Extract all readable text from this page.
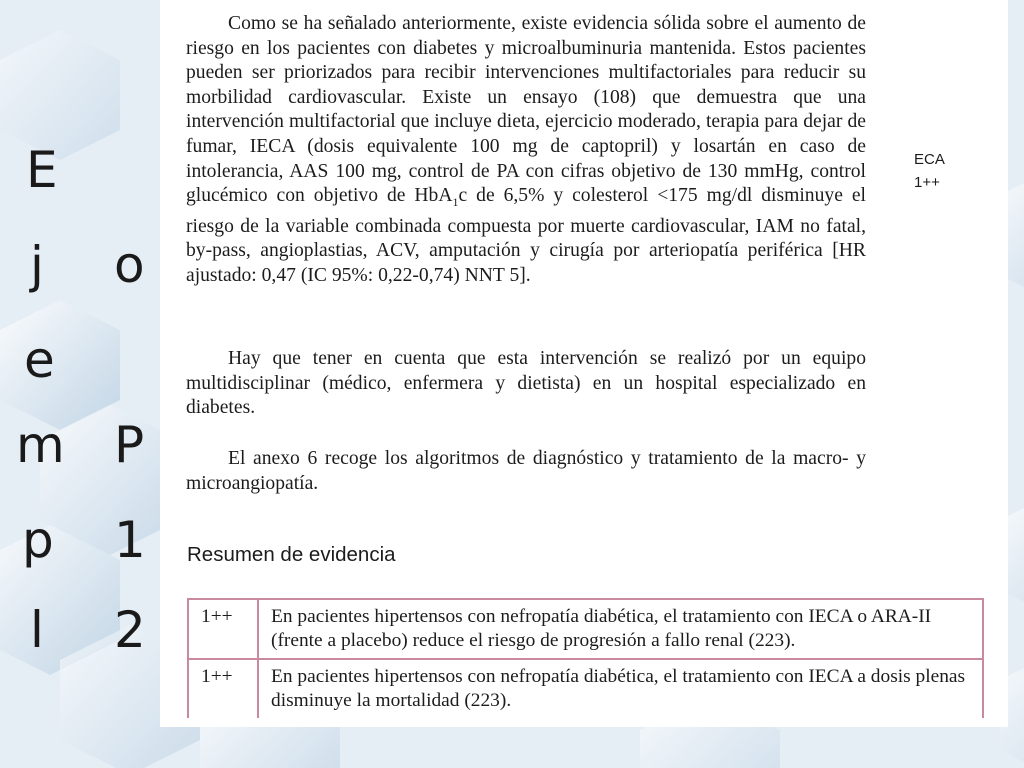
E
j
e
m
p
l
o
P
1
2

Como se ha señalado anteriormente, existe evidencia sólida sobre el aumento de riesgo en los pacientes con diabetes y microalbuminuria mantenida. Estos pacientes pueden ser priorizados para recibir intervenciones multifactoriales para reducir su morbilidad cardiovascular. Existe un ensayo (108) que demuestra que una intervención multifactorial que incluye dieta, ejercicio moderado, terapia para dejar de fumar, IECA (dosis equivalente 100 mg de captopril) y losartán en caso de intolerancia, AAS 100 mg, control de PA con cifras objetivo de 130 mmHg, control glucémico con objetivo de HbA$_1$c de 6,5% y colesterol <175 mg/dl disminuye el riesgo de la variable combinada compuesta por muerte cardiovascular, IAM no fatal, by-pass, angioplastias, ACV, amputación y cirugía por arteriopatía periférica [HR ajustado: 0,47 (IC 95%: 0,22-0,74) NNT 5].

ECA
1++

Hay que tener en cuenta que esta intervención se realizó por un equipo multidisciplinar (médico, enfermera y dietista) en un hospital especializado en diabetes.

El anexo 6 recoge los algoritmos de diagnóstico y tratamiento de la macro- y microangiopatía.

Resumen de evidencia
1++	En pacientes hipertensos con nefropatía diabética, el tratamiento con IECA o ARA-II (frente a placebo) reduce el riesgo de progresión a fallo renal (223).
1++	En pacientes hipertensos con nefropatía diabética, el tratamiento con IECA a dosis plenas disminuye la mortalidad (223).
